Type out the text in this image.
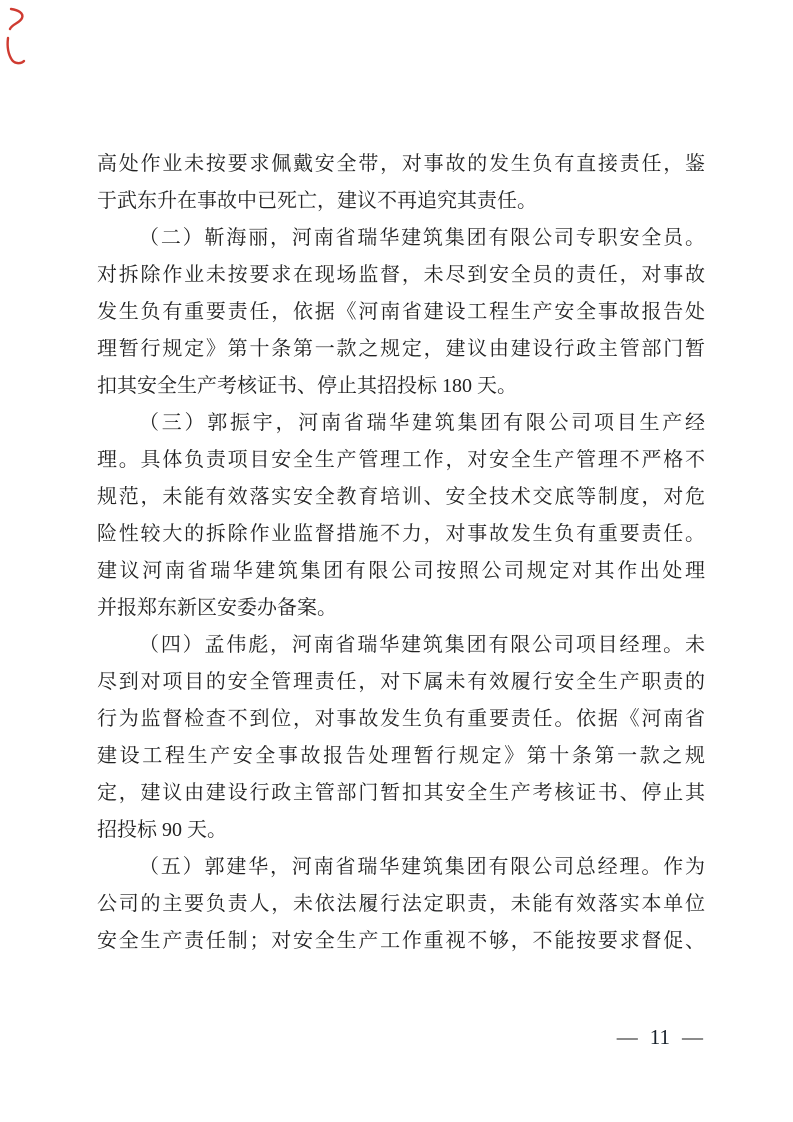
高处作业未按要求佩戴安全带，对事故的发生负有直接责任，鉴
于武东升在事故中已死亡，建议不再追究其责任。
（二）靳海丽，河南省瑞华建筑集团有限公司专职安全员。
对拆除作业未按要求在现场监督，未尽到安全员的责任，对事故
发生负有重要责任，依据《河南省建设工程生产安全事故报告处
理暂行规定》第十条第一款之规定，建议由建设行政主管部门暂
扣其安全生产考核证书、停止其招投标 180 天。
（三）郭振宇，河南省瑞华建筑集团有限公司项目生产经
理。具体负责项目安全生产管理工作，对安全生产管理不严格不
规范，未能有效落实安全教育培训、安全技术交底等制度，对危
险性较大的拆除作业监督措施不力，对事故发生负有重要责任。
建议河南省瑞华建筑集团有限公司按照公司规定对其作出处理
并报郑东新区安委办备案。
（四）孟伟彪，河南省瑞华建筑集团有限公司项目经理。未
尽到对项目的安全管理责任，对下属未有效履行安全生产职责的
行为监督检查不到位，对事故发生负有重要责任。依据《河南省
建设工程生产安全事故报告处理暂行规定》第十条第一款之规
定，建议由建设行政主管部门暂扣其安全生产考核证书、停止其
招投标 90 天。
（五）郭建华，河南省瑞华建筑集团有限公司总经理。作为
公司的主要负责人，未依法履行法定职责，未能有效落实本单位
安全生产责任制；对安全生产工作重视不够，不能按要求督促、
— 11 —
